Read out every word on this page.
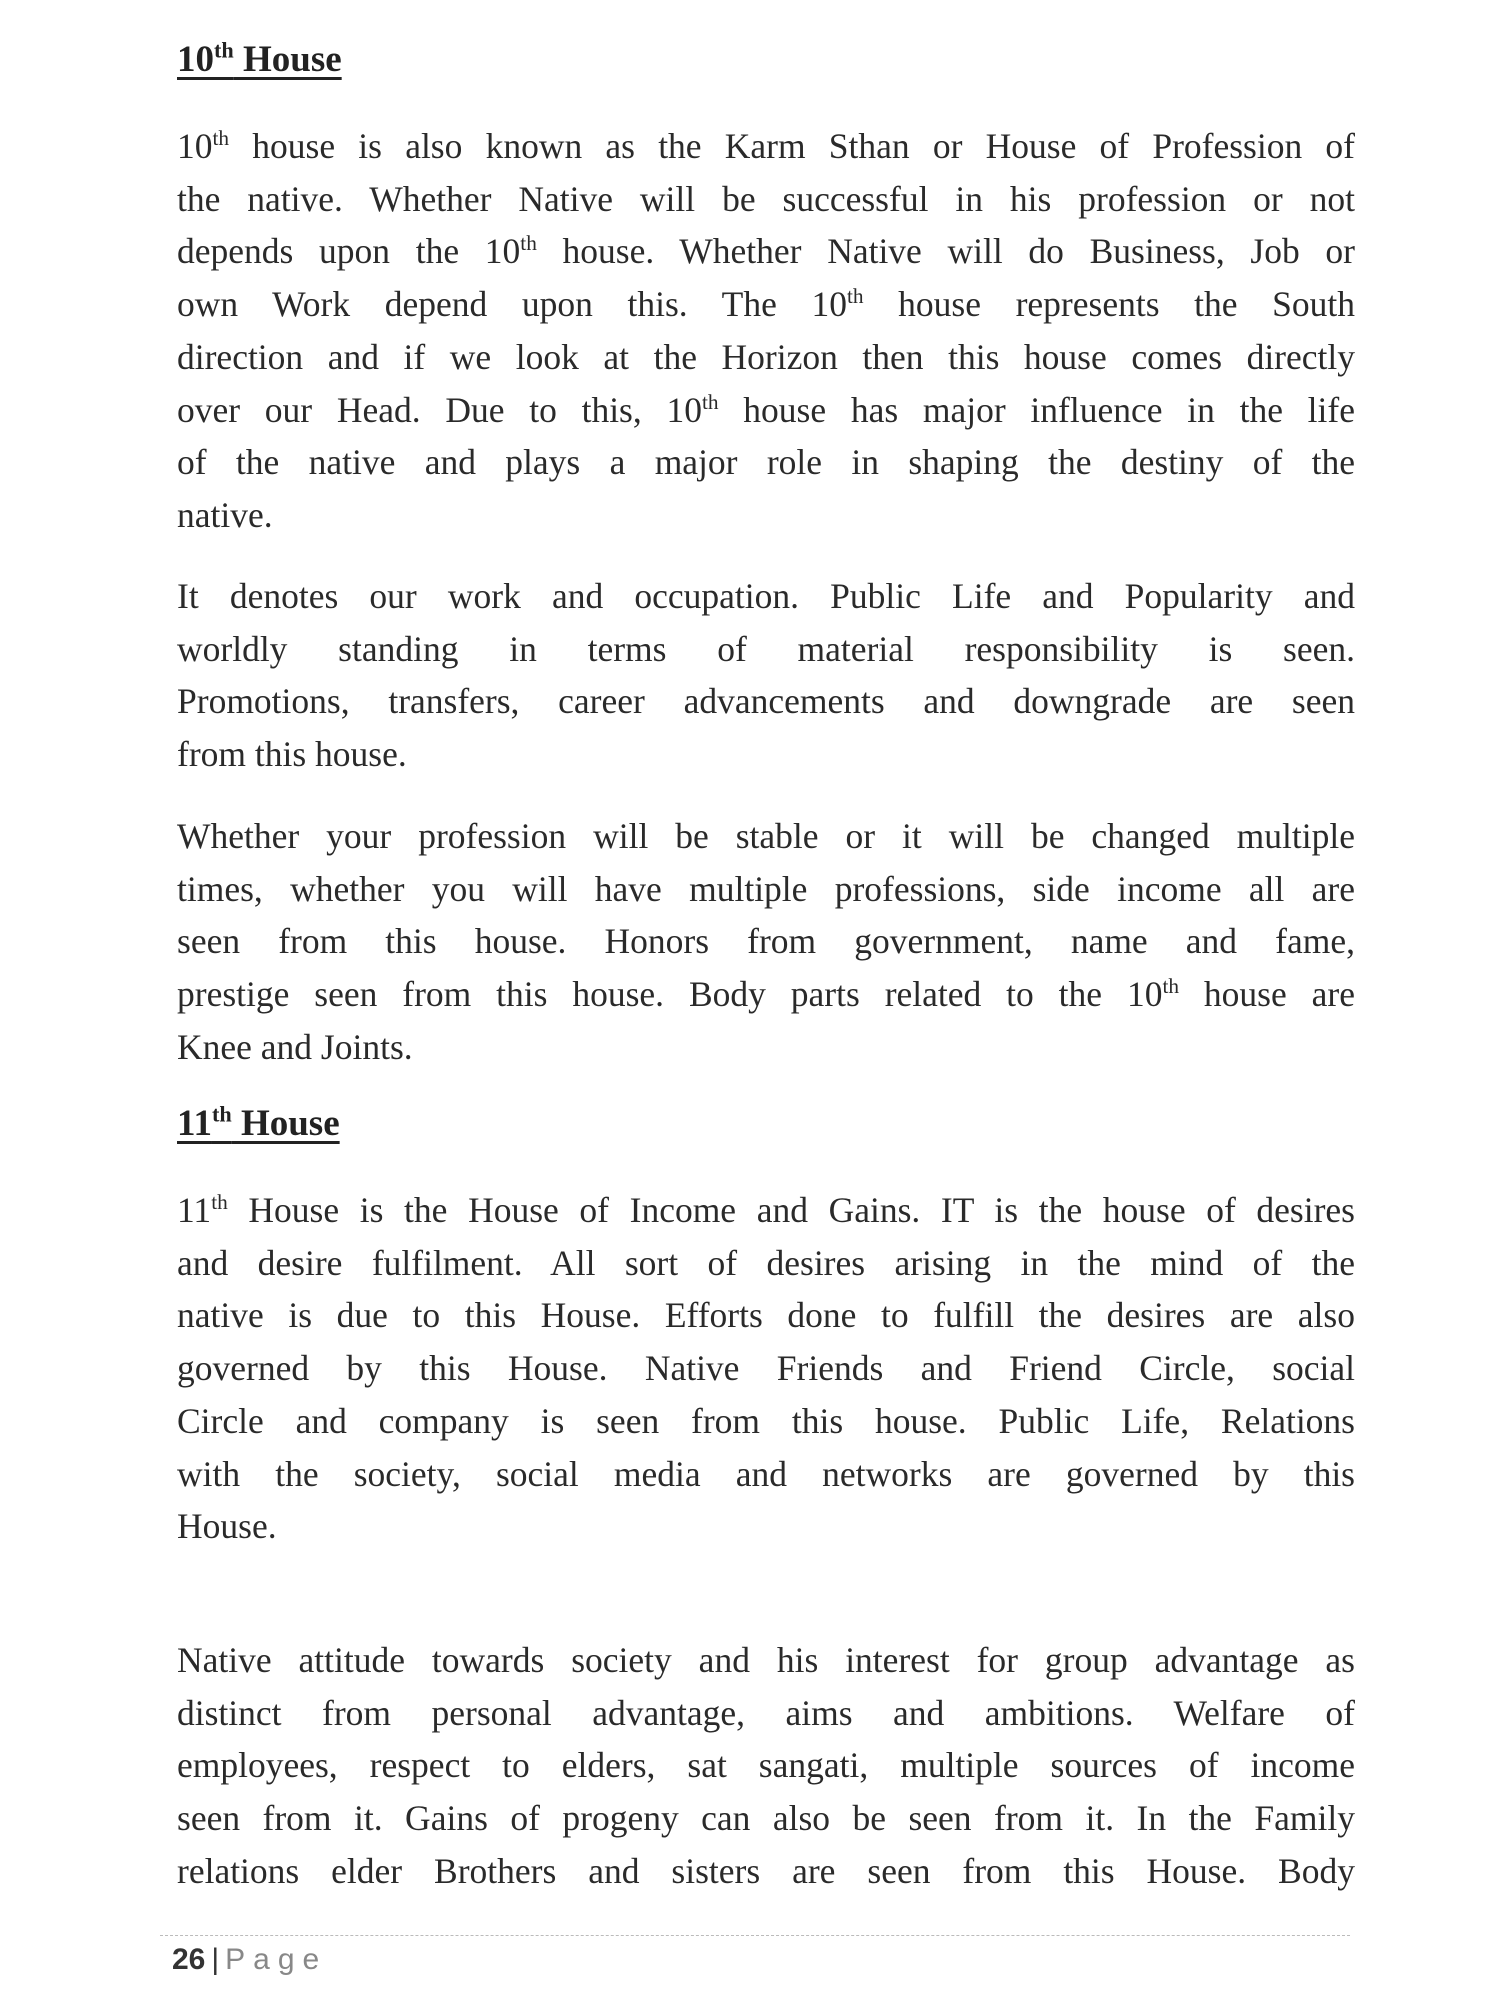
10th House
10th house is also known as the Karm Sthan or House of Profession of
the native. Whether Native will be successful in his profession or not
depends upon the 10th house. Whether Native will do Business, Job or
own Work depend upon this. The 10th house represents the South
direction and if we look at the Horizon then this house comes directly
over our Head. Due to this, 10th house has major influence in the life
of the native and plays a major role in shaping the destiny of the
native.
It denotes our work and occupation. Public Life and Popularity and
worldly standing in terms of material responsibility is seen.
Promotions, transfers, career advancements and downgrade are seen
from this house.
Whether your profession will be stable or it will be changed multiple
times, whether you will have multiple professions, side income all are
seen from this house. Honors from government, name and fame,
prestige seen from this house. Body parts related to the 10th house are
Knee and Joints.
11th House
11th House is the House of Income and Gains. IT is the house of desires
and desire fulfilment. All sort of desires arising in the mind of the
native is due to this House. Efforts done to fulfill the desires are also
governed by this House. Native Friends and Friend Circle, social
Circle and company is seen from this house. Public Life, Relations
with the society, social media and networks are governed by this
House.
Native attitude towards society and his interest for group advantage as
distinct from personal advantage, aims and ambitions. Welfare of
employees, respect to elders, sat sangati, multiple sources of income
seen from it. Gains of progeny can also be seen from it. In the Family
relations elder Brothers and sisters are seen from this House. Body
26 | Page
